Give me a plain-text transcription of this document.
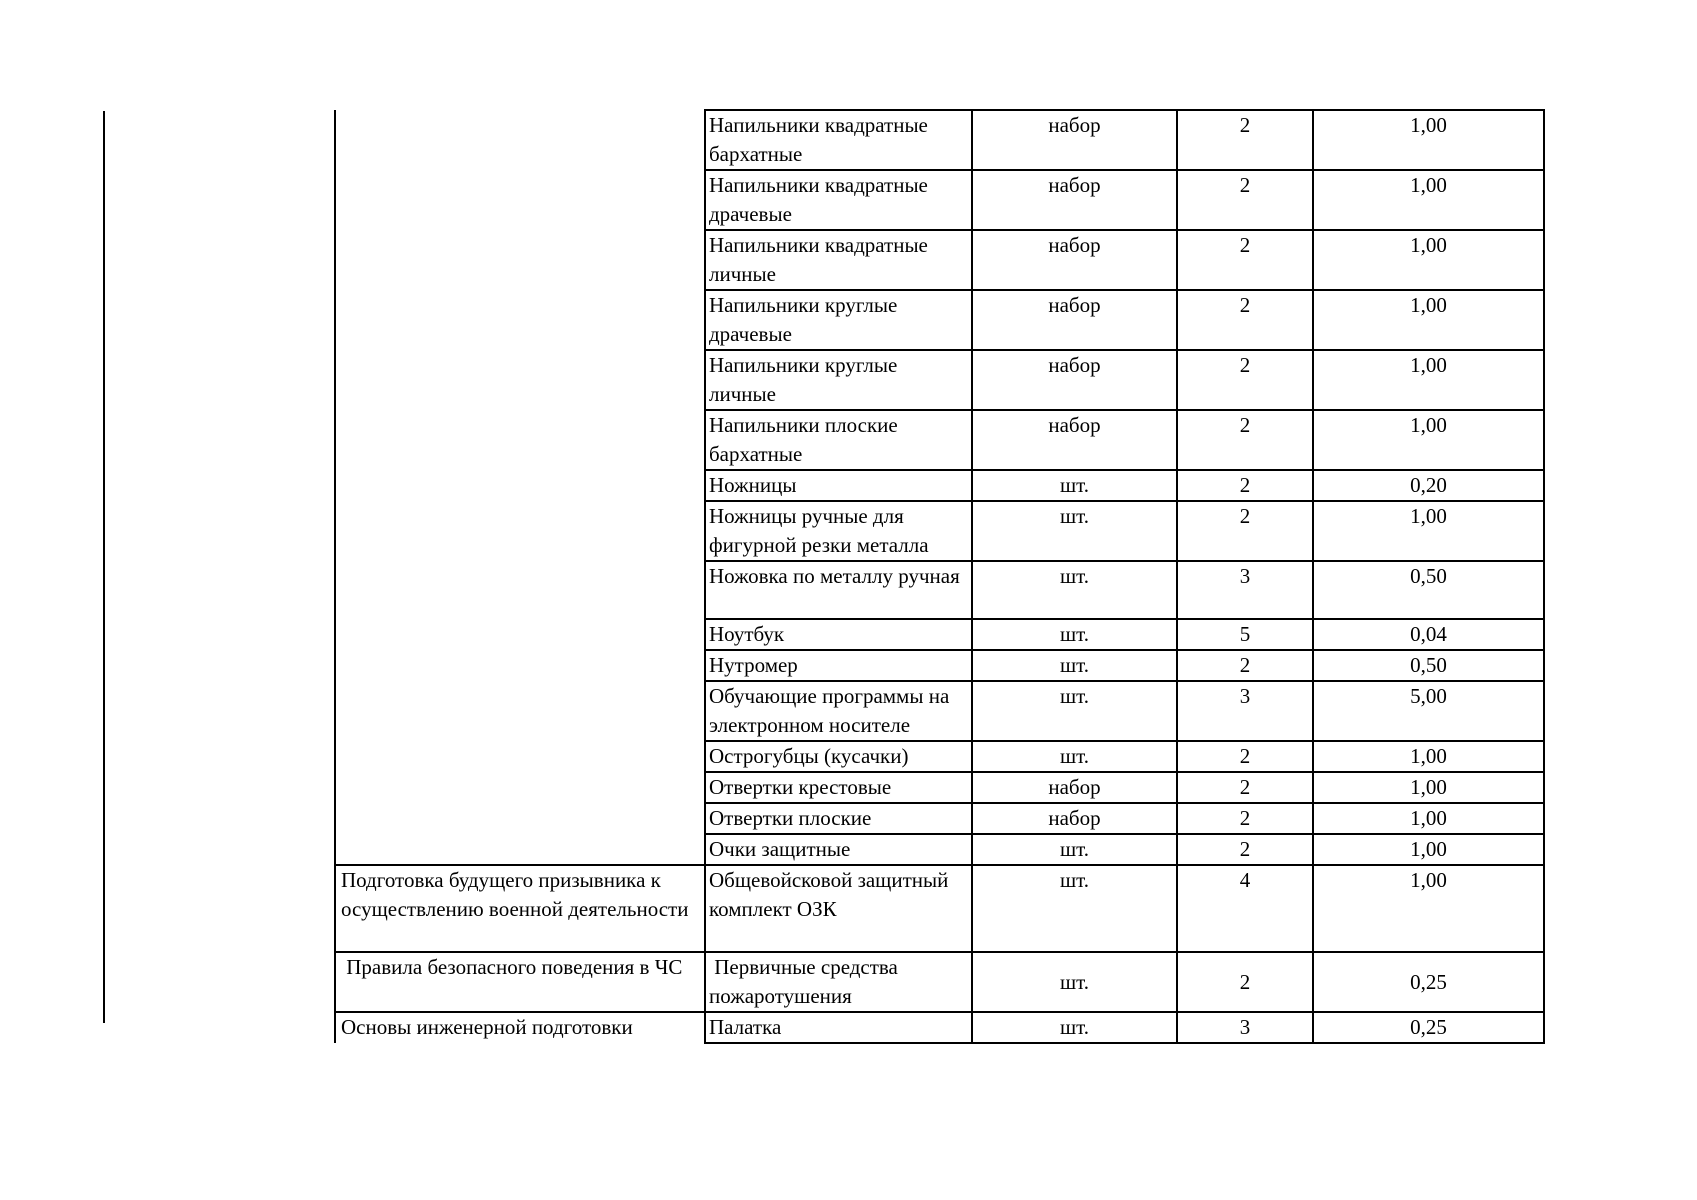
	Напильники квадратные бархатные	набор	2	1,00
	Напильники квадратные драчевые	набор	2	1,00
	Напильники квадратные личные	набор	2	1,00
	Напильники круглые драчевые	набор	2	1,00
	Напильники круглые личные	набор	2	1,00
	Напильники плоские бархатные	набор	2	1,00
	Ножницы	шт.	2	0,20
	Ножницы ручные для фигурной резки металла	шт.	2	1,00
	Ножовка по металлу ручная	шт.	3	0,50
	Ноутбук	шт.	5	0,04
	Нутромер	шт.	2	0,50
	Обучающие программы на электронном носителе	шт.	3	5,00
	Острогубцы (кусачки)	шт.	2	1,00
	Отвертки крестовые	набор	2	1,00
	Отвертки плоские	набор	2	1,00
	Очки защитные	шт.	2	1,00
Подготовка будущего призывника к осуществлению военной деятельности	Общевойсковой защитный комплект ОЗК	шт.	4	1,00
Правила безопасного поведения в ЧС	Первичные средства пожаротушения	шт.	2	0,25
Основы инженерной подготовки	Палатка	шт.	3	0,25
